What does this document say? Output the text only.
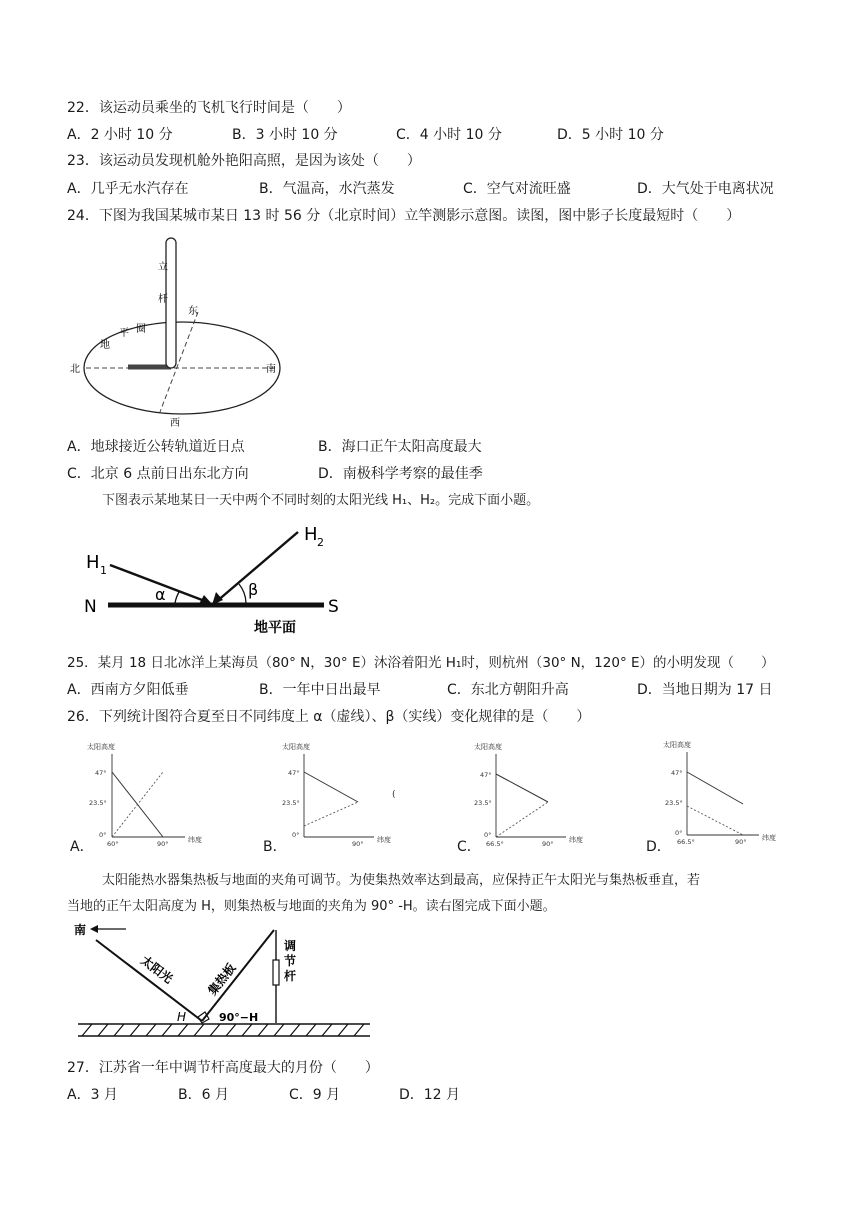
22．该运动员乘坐的飞机飞行时间是（　　）
A．2 小时 10 分	B．3 小时 10 分	C．4 小时 10 分	D．5 小时 10 分
23．该运动员发现机舱外艳阳高照，是因为该处（　　）
A．几乎无水汽存在	B．气温高，水汽蒸发	C．空气对流旺盛	D．大气处于电离状况
24．下图为我国某城市某日 13 时 56 分（北京时间）立竿测影示意图。读图，图中影子长度最短时（　　）
立
杆
平 圈
地
北	南
东
西
A．地球接近公转轨道近日点	B．海口正午太阳高度最大
C．北京 6 点前日出东北方向	D．南极科学考察的最佳季
下图表示某地某日一天中两个不同时刻的太阳光线 H₁、H₂。完成下面小题。
H 1
H 2
α	β
N	S
地平面
25．某月 18 日北冰洋上某海员（80° N，30° E）沐浴着阳光 H₁时，则杭州（30° N，120° E）的小明发现（　　）
A．西南方夕阳低垂	B．一年中日出最早	C．东北方朝阳升高	D．当地日期为 17 日
26．下列统计图符合夏至日不同纬度上 α（虚线）、β（实线）变化规律的是（　　）
太阳高度
47°
23.5°
0°
60°	90°	纬度
A．
太阳高度
47°
23.5°
0°
90° 纬度
(
B．
太阳高度
47°
23.5°
0°
66.5°	90° 纬度
C．
太阳高度
47°
23.5°
0°
66.5°	90° 纬度
D．
太阳能热水器集热板与地面的夹角可调节。为使集热效率达到最高，应保持正午太阳光与集热板垂直，若
当地的正午太阳高度为 H，则集热板与地面的夹角为 90° -H。读右图完成下面小题。
南
太阳光 集热板
调
节
杆
H	90°−H
27．江苏省一年中调节杆高度最大的月份（　　）
A．3 月	B．6 月	C．9 月	D．12 月
